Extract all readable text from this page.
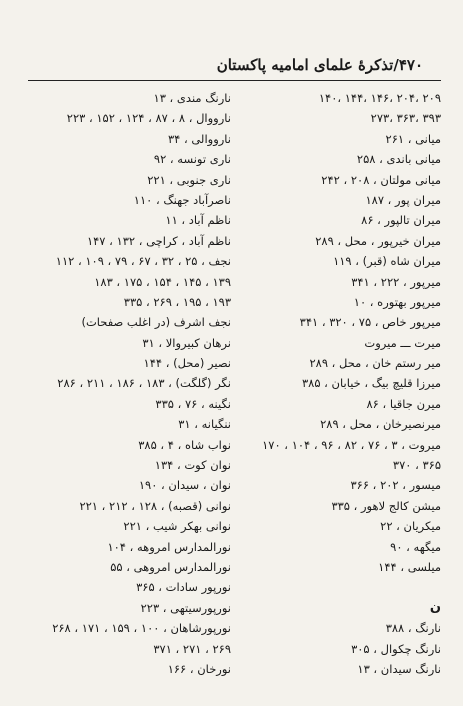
۴۷۰/تذکرهٔ علمای امامیه پاکستان
۲۰۹ ،۲۰۴ ،۱۴۶ ،۱۴۴ ،۱۴۰
۳۹۳ ،۳۶۳ ،۲۷۳
میانی ، ۲۶۱
میانی باندی ، ۲۵۸
میانی مولتان ، ۲۰۸ ، ۲۴۲
میران پور ، ۱۸۷
میران تالپور ، ۸۶
میران خیرپور ، محل ، ۲۸۹
میران شاه (قبر) ، ۱۱۹
میرپور ، ۲۲۲ ، ۳۴۱
میرپور بهتوره ، ۱۰
میرپور خاص ، ۷۵ ، ۳۲۰ ، ۳۴۱
میرت ـــ میروت
میر رستم خان ، محل ، ۲۸۹
میرزا قلیچ بیگ ، خیابان ، ۳۸۵
میرن جاقیا ، ۸۶
میرنصیرخان ، محل ، ۲۸۹
میروت ، ۳ ، ۷۶ ، ۸۲ ، ۹۶ ، ۱۰۴ ، ۱۷۰
۳۶۵ ، ۳۷۰
میسور ، ۲۰۲ ، ۳۶۶
میشن کالج لاهور ، ۳۳۵
میکریان ، ۲۲
میگهه ، ۹۰
میلسی ، ۱۴۴
ن
نارنگ ، ۳۸۸
نارنگ چکوال ، ۳۰۵
نارنگ سیدان ، ۱۳
نارنگ مندی ، ۱۳
نارووال ، ۸ ، ۸۷ ، ۱۲۴ ، ۱۵۲ ، ۲۲۳
نارووالی ، ۳۴
ناری تونسه ، ۹۲
ناری جنوبی ، ۲۲۱
ناصرآباد جهنگ ، ۱۱۰
ناظم آباد ، ۱۱
ناظم آباد ، کراچی ، ۱۳۲ ، ۱۴۷
نجف ، ۲۵ ، ۳۲ ، ۶۷ ، ۷۹ ، ۱۰۹ ، ۱۱۲
۱۳۹ ، ۱۴۵ ، ۱۵۴ ، ۱۷۵ ، ۱۸۳
۱۹۳ ، ۱۹۵ ، ۲۶۹ ، ۳۳۵
نجف اشرف (در اغلب صفحات)
نرهان کبیروالا ، ۳۱
نصیر (محل) ، ۱۴۴
نگر (گلگت) ، ۱۸۳ ، ۱۸۶ ، ۲۱۱ ، ۲۸۶
نگینه ، ۷۶ ، ۳۳۵
ننگیانه ، ۳۱
نواب شاه ، ۴ ، ۳۸۵
نوان کوت ، ۱۳۴
نوان ، سیدان ، ۱۹۰
نوانی (قصبه) ، ۱۲۸ ، ۲۱۲ ، ۲۲۱
نوانی بهکر شیب ، ۲۲۱
نورالمدارس امروهه ، ۱۰۴
نورالمدارس امروهی ، ۵۵
نورپور سادات ، ۳۶۵
نورپورسیتهی ، ۲۲۳
نورپورشاهان ، ۱۰۰ ، ۱۵۹ ، ۱۷۱ ، ۲۶۸
۲۶۹ ، ۲۷۱ ، ۳۷۱
نورخان ، ۱۶۶
